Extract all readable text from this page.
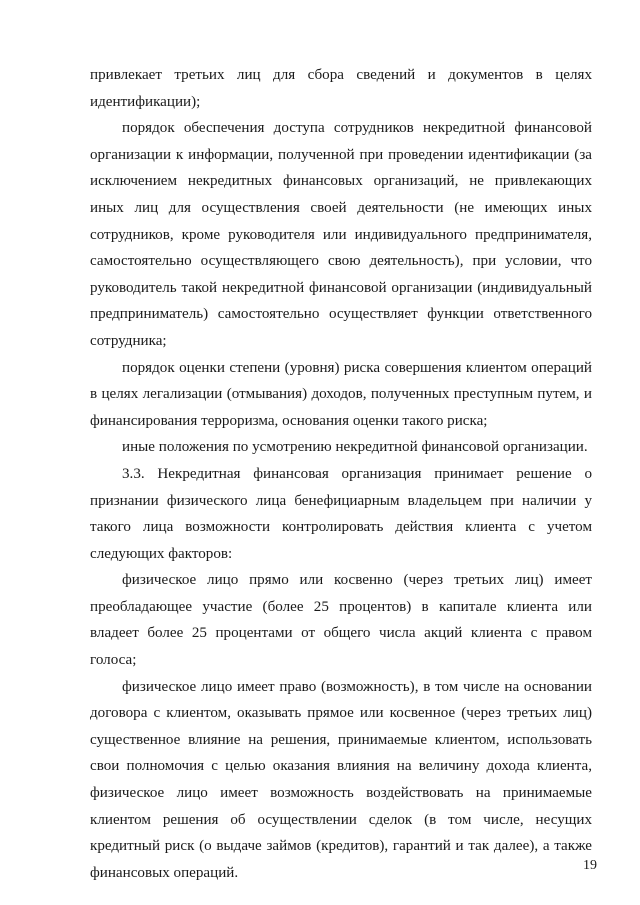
привлекает третьих лиц для сбора сведений и документов в целях идентификации);

порядок обеспечения доступа сотрудников некредитной финансовой организации к информации, полученной при проведении идентификации (за исключением некредитных финансовых организаций, не привлекающих иных лиц для осуществления своей деятельности (не имеющих иных сотрудников, кроме руководителя или индивидуального предпринимателя, самостоятельно осуществляющего свою деятельность), при условии, что руководитель такой некредитной финансовой организации (индивидуальный предприниматель) самостоятельно осуществляет функции ответственного сотрудника;

порядок оценки степени (уровня) риска совершения клиентом операций в целях легализации (отмывания) доходов, полученных преступным путем, и финансирования терроризма, основания оценки такого риска;

иные положения по усмотрению некредитной финансовой организации.

3.3. Некредитная финансовая организация принимает решение о признании физического лица бенефициарным владельцем при наличии у такого лица возможности контролировать действия клиента с учетом следующих факторов:

физическое лицо прямо или косвенно (через третьих лиц) имеет преобладающее участие (более 25 процентов) в капитале клиента или владеет более 25 процентами от общего числа акций клиента с правом голоса;

физическое лицо имеет право (возможность), в том числе на основании договора с клиентом, оказывать прямое или косвенное (через третьих лиц) существенное влияние на решения, принимаемые клиентом, использовать свои полномочия с целью оказания влияния на величину дохода клиента, физическое лицо имеет возможность воздействовать на принимаемые клиентом решения об осуществлении сделок (в том числе, несущих кредитный риск (о выдаче займов (кредитов), гарантий и так далее), а также финансовых операций.	19
